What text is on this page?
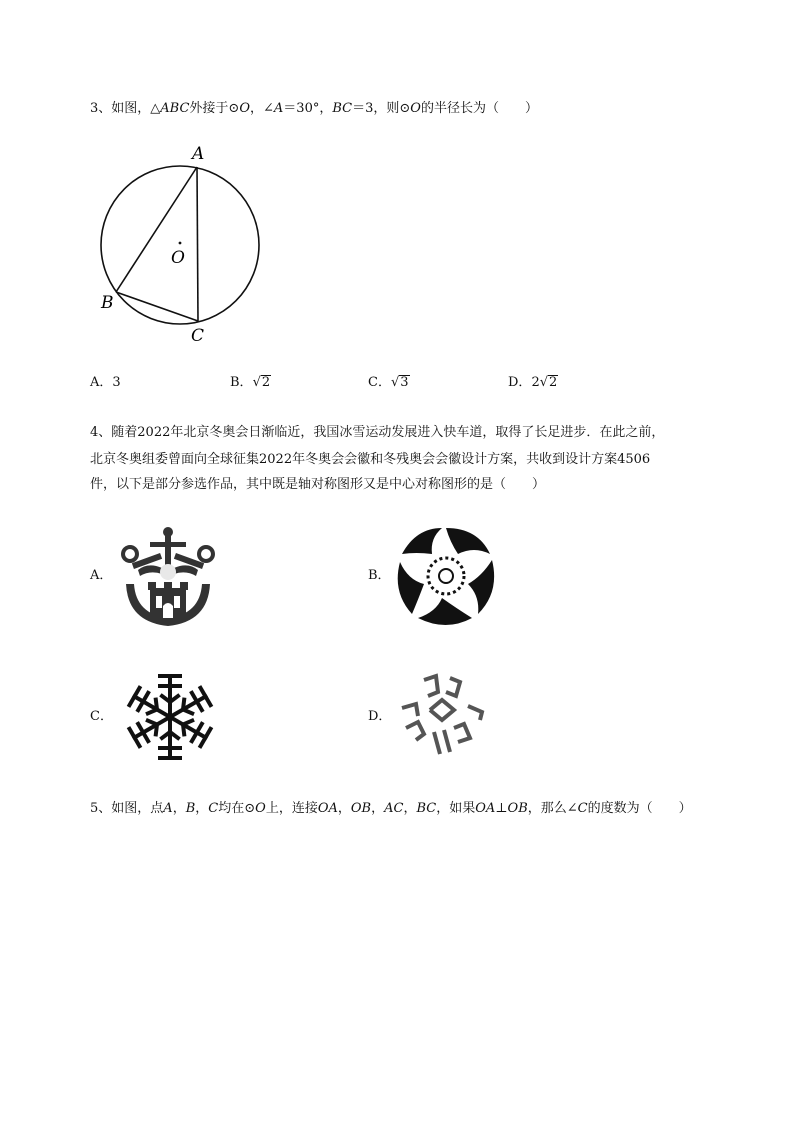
3、如图，△ABC外接于⊙O，∠A＝30°，BC＝3，则⊙O的半径长为（　　）
A
B
C
O
A．3	B．√2	C．√3	D．2√2
4、随着2022年北京冬奥会日渐临近，我国冰雪运动发展进入快车道，取得了长足进步．在此之前，
北京冬奥组委曾面向全球征集2022年冬奥会会徽和冬残奥会会徽设计方案，共收到设计方案4506
件，以下是部分参选作品，其中既是轴对称图形又是中心对称图形的是（　　）
A．	B．
C．	D．
5、如图，点A，B，C均在⊙O上，连接OA，OB，AC，BC，如果OA⊥OB，那么∠C的度数为（　　）
